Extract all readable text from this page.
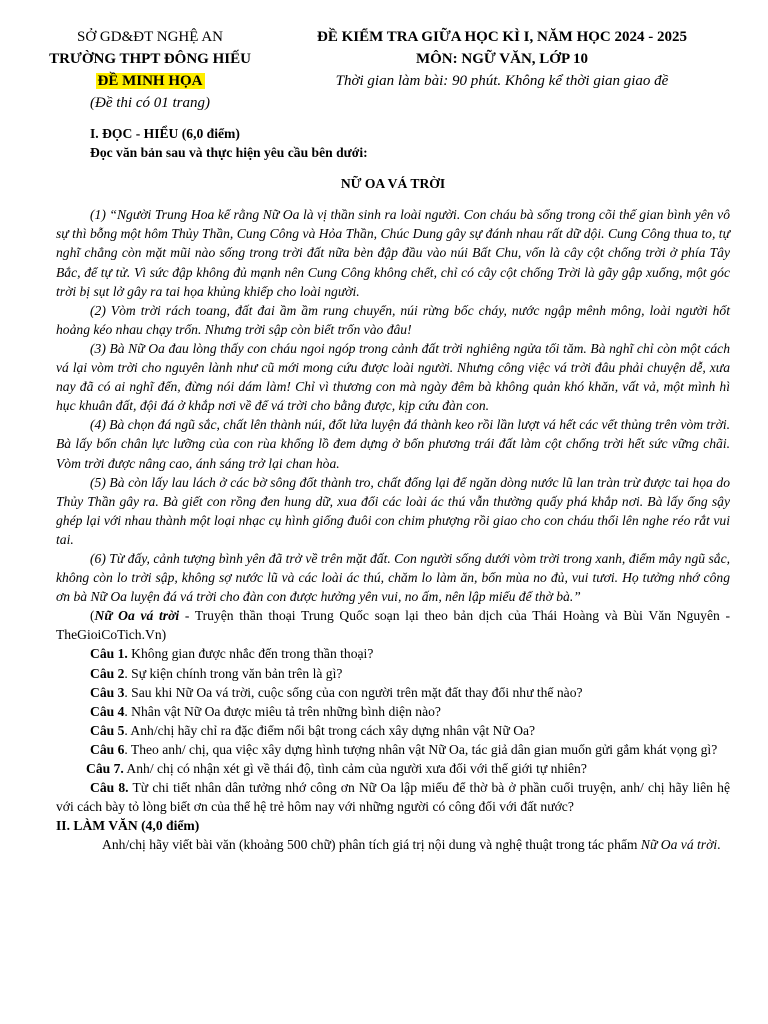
SỞ GD&ĐT NGHỆ AN
TRƯỜNG THPT ĐÔNG HIẾU
ĐỀ MINH HỌA
(Đề thi có 01 trang)
ĐỀ KIỂM TRA GIỮA HỌC KÌ I, NĂM HỌC 2024 - 2025
MÔN: NGỮ VĂN, LỚP 10
Thời gian làm bài: 90 phút. Không kể thời gian giao đề

I. ĐỌC - HIỂU (6,0 điểm)

Đọc văn bản sau và thực hiện yêu cầu bên dưới:

NỮ OA VÁ TRỜI

(1) “Người Trung Hoa kể rằng Nữ Oa là vị thần sinh ra loài người. Con cháu bà sống trong cõi thế gian bình yên vô sự thì bỗng một hôm Thủy Thần, Cung Công và Hỏa Thần, Chúc Dung gây sự đánh nhau rất dữ dội. Cung Công thua to, tự nghĩ chẳng còn mặt mũi nào sống trong trời đất nữa bèn đập đầu vào núi Bất Chu, vốn là cây cột chống trời ở phía Tây Bắc, để tự tử. Vì sức đập không đủ mạnh nên Cung Công không chết, chỉ có cây cột chống Trời là gãy gập xuống, một góc trời bị sụt lở gây ra tai họa khủng khiếp cho loài người.

(2) Vòm trời rách toang, đất đai ầm ầm rung chuyển, núi rừng bốc cháy, nước ngập mênh mông, loài người hốt hoảng kéo nhau chạy trốn. Nhưng trời sập còn biết trốn vào đâu!

(3) Bà Nữ Oa đau lòng thấy con cháu ngoi ngóp trong cảnh đất trời nghiêng ngửa tối tăm. Bà nghĩ chỉ còn một cách vá lại vòm trời cho nguyên lành như cũ mới mong cứu được loài người. Nhưng công việc vá trời đâu phải chuyện dễ, xưa nay đã có ai nghĩ đến, đừng nói dám làm! Chỉ vì thương con mà ngày đêm bà không quản khó khăn, vất vả, một mình hì hục khuân đất, đội đá ở khắp nơi về để vá trời cho bằng được, kịp cứu đàn con.

(4) Bà chọn đá ngũ sắc, chất lên thành núi, đốt lửa luyện đá thành keo rồi lần lượt vá hết các vết thủng trên vòm trời. Bà lấy bốn chân lực lưỡng của con rùa khổng lồ đem dựng ở bốn phương trái đất làm cột chống trời hết sức vững chãi. Vòm trời được nâng cao, ánh sáng trở lại chan hòa.

(5) Bà còn lấy lau lách ở các bờ sông đốt thành tro, chất đống lại để ngăn dòng nước lũ lan tràn trừ được tai họa do Thủy Thần gây ra. Bà giết con rồng đen hung dữ, xua đổi các loài ác thú vẫn thường quấy phá khắp nơi. Bà lấy ống sậy ghép lại với nhau thành một loại nhạc cụ hình giống đuôi con chim phượng rồi giao cho con cháu thổi lên nghe réo rắt vui tai.

(6) Từ đấy, cảnh tượng bình yên đã trở về trên mặt đất. Con người sống dưới vòm trời trong xanh, điểm mây ngũ sắc, không còn lo trời sập, không sợ nước lũ và các loài ác thú, chăm lo làm ăn, bốn mùa no đủ, vui tươi. Họ tưởng nhớ công ơn bà Nữ Oa luyện đá vá trời cho đàn con được hưởng yên vui, no ấm, nên lập miếu để thờ bà.”

(Nữ Oa vá trời - Truyện thần thoại Trung Quốc soạn lại theo bản dịch của Thái Hoàng và Bùi Văn Nguyên - TheGioiCoTich.Vn)

Câu 1. Không gian được nhắc đến trong thần thoại?

Câu 2. Sự kiện chính trong văn bản trên là gì?

Câu 3. Sau khi Nữ Oa vá trời, cuộc sống của con người trên mặt đất thay đổi như thế nào?

Câu 4. Nhân vật Nữ Oa được miêu tả trên những bình diện nào?

Câu 5. Anh/chị hãy chỉ ra đặc điểm nổi bật trong cách xây dựng nhân vật Nữ Oa?

Câu 6. Theo anh/ chị, qua việc xây dựng hình tượng nhân vật Nữ Oa, tác giả dân gian muốn gửi gắm khát vọng gì?

Câu 7. Anh/ chị có nhận xét gì về thái độ, tình cảm của người xưa đối với thế giới tự nhiên?

Câu 8. Từ chi tiết nhân dân tưởng nhớ công ơn Nữ Oa lập miếu để thờ bà ở phần cuối truyện, anh/ chị hãy liên hệ với cách bày tỏ lòng biết ơn của thế hệ trẻ hôm nay với những người có công đối với đất nước?

II. LÀM VĂN (4,0 điểm)

Anh/chị hãy viết bài văn (khoảng 500 chữ) phân tích giá trị nội dung và nghệ thuật trong tác phẩm Nữ Oa vá trời.
